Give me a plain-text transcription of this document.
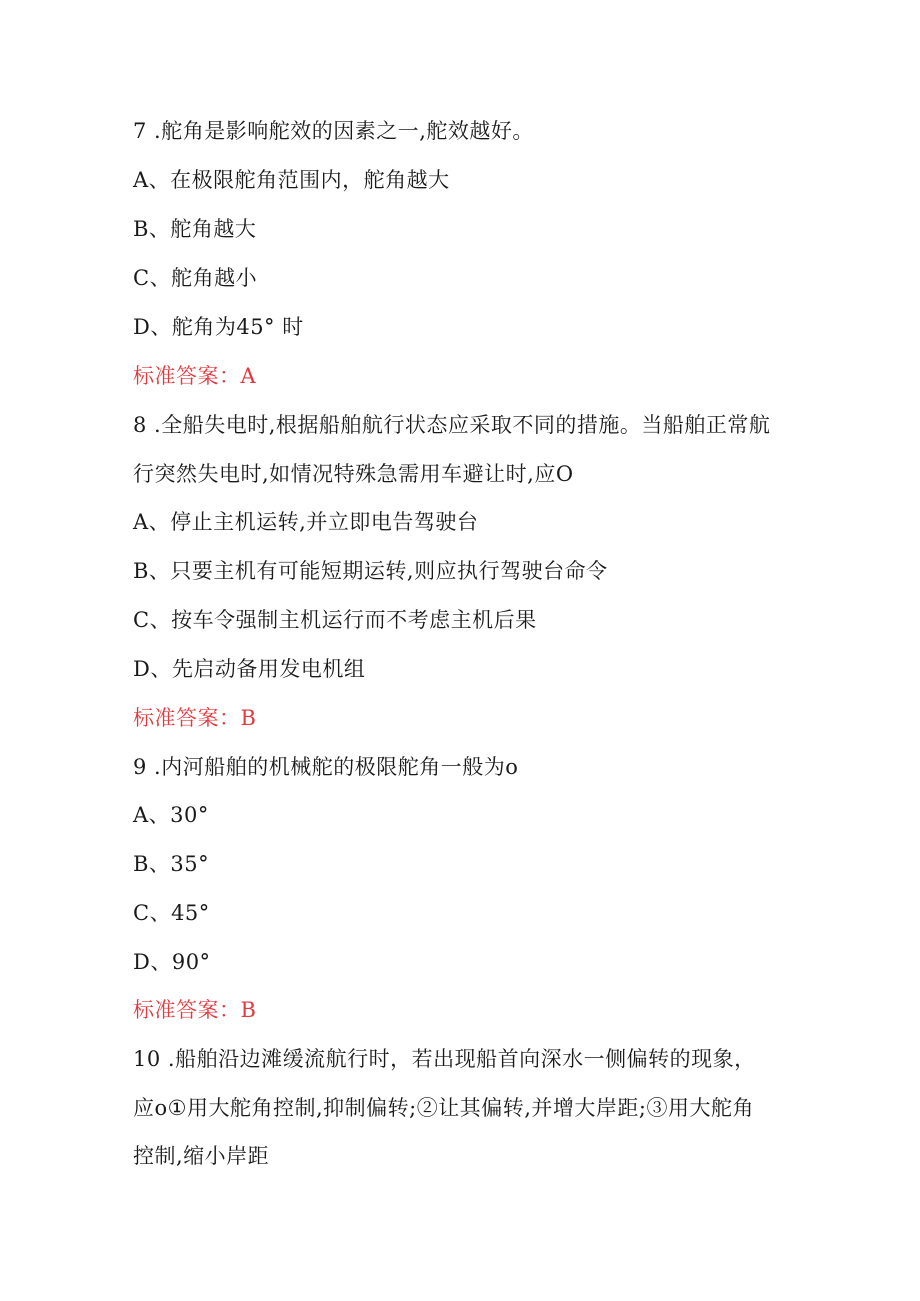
7 .舵角是影响舵效的因素之一,舵效越好。
A、在极限舵角范围内，舵角越大
B、舵角越大
C、舵角越小
D、舵角为45° 时
标准答案：A
8 .全船失电时,根据船舶航行状态应采取不同的措施。当船舶正常航
行突然失电时,如情况特殊急需用车避让时,应O
A、停止主机运转,并立即电告驾驶台
B、只要主机有可能短期运转,则应执行驾驶台命令
C、按车令强制主机运行而不考虑主机后果
D、先启动备用发电机组
标准答案：B
9 .内河船舶的机械舵的极限舵角一般为o
A、30°
B、35°
C、45°
D、90°
标准答案：B
10 .船舶沿边滩缓流航行时，若出现船首向深水一侧偏转的现象，
应o①用大舵角控制,抑制偏转;②让其偏转,并增大岸距;③用大舵角
控制,缩小岸距
